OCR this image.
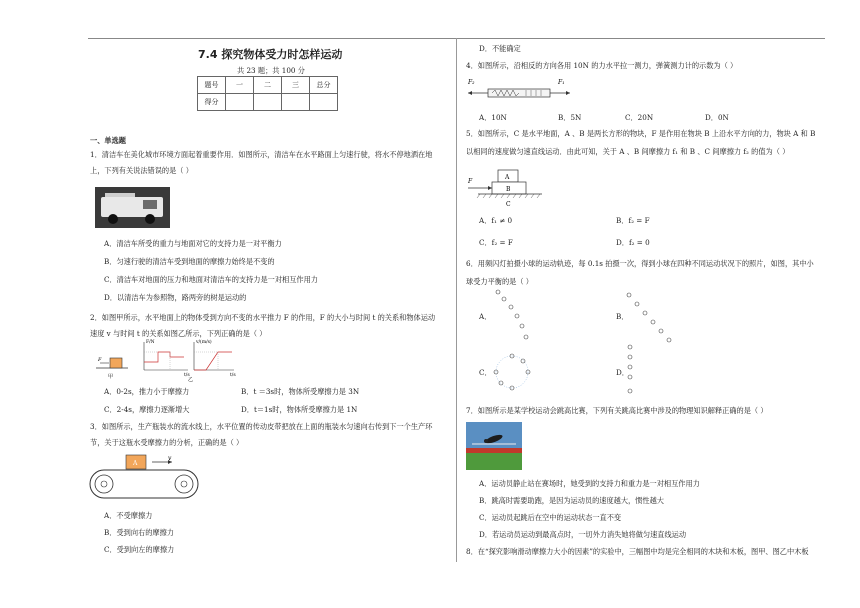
7.4 探究物体受力时怎样运动
共 23 题；共 100 分
题号	一	二	三	总分
得分				
一、单选题
1．清洁车在美化城市环境方面起着重要作用．如图所示，清洁车在水平路面上匀速行驶，将水不停地洒在地
上，下列有关说法错误的是（ ）
A．清洁车所受的重力与地面对它的支持力是一对平衡力
B．匀速行驶的清洁车受到地面的摩擦力始终是不变的
C．清洁车对地面的压力和地面对清洁车的支持力是一对相互作用力
D．以清洁车为参照物，路两旁的树是运动的
2．如图甲所示，水平地面上的物体受到方向不变的水平推力 F 的作用，F 的大小与时间 t 的关系和物体运动
速度 v 与时间 t 的关系如图乙所示，下列正确的是（ ）
F
甲
F/N
t/s
v/(m/s)
t/s
乙
A．0-2s，推力小于摩擦力	B．t ＝3s时，物体所受摩擦力是 3N
C．2-4s，摩擦力逐渐增大	D．t＝1s时，物体所受摩擦力是 1N
3．如图所示，生产瓶装水的流水线上，水平位置的传动皮带把放在上面的瓶装水匀速向右传到下一个生产环
节，关于这瓶水受摩擦力的分析，正确的是（ ）
A
v
A．不受摩擦力
B．受到向右的摩擦力
C．受到向左的摩擦力
D．不能确定
4．如图所示，沿相反的方向各用 10N 的力水平拉一测力，弹簧测力计的示数为（ ）
F₂	F₁
A．10N	B．5N	C．20N	D．0N
5．如图所示，C 是水平地面，A 、B 是两长方形的物块，F 是作用在物块 B 上沿水平方向的力，物块 A 和 B
以相同的速度做匀速直线运动．由此可知，关于 A 、B 间摩擦力 f₁ 和 B 、C 间摩擦力 f₂ 的值为（ ）
F
A
B
C
A．f₁ ≠ 0	B．f₂ = F
C．f₂ = F	D．f₂ = 0
6．用频闪灯拍摄小球的运动轨迹，每 0.1s 拍摄一次，得到小球在四种不同运动状况下的照片，如图，其中小
球受力平衡的是（ ）
A．	B．
C．	D．
7．如图所示是某学校运动会跳高比赛，下列有关跳高比赛中涉及的物理知识解释正确的是（ ）
A．运动员静止站在赛场时，她受到的支持力和重力是一对相互作用力
B．跳高时需要助跑，是因为运动员的速度越大，惯性越大
C．运动员起跳后在空中的运动状态一直不变
D．若运动员运动到最高点时，一切外力消失她将做匀速直线运动
8．在“探究影响滑动摩擦力大小的因素”的实验中，三幅图中均是完全相同的木块和木板，图甲、图乙中木板
